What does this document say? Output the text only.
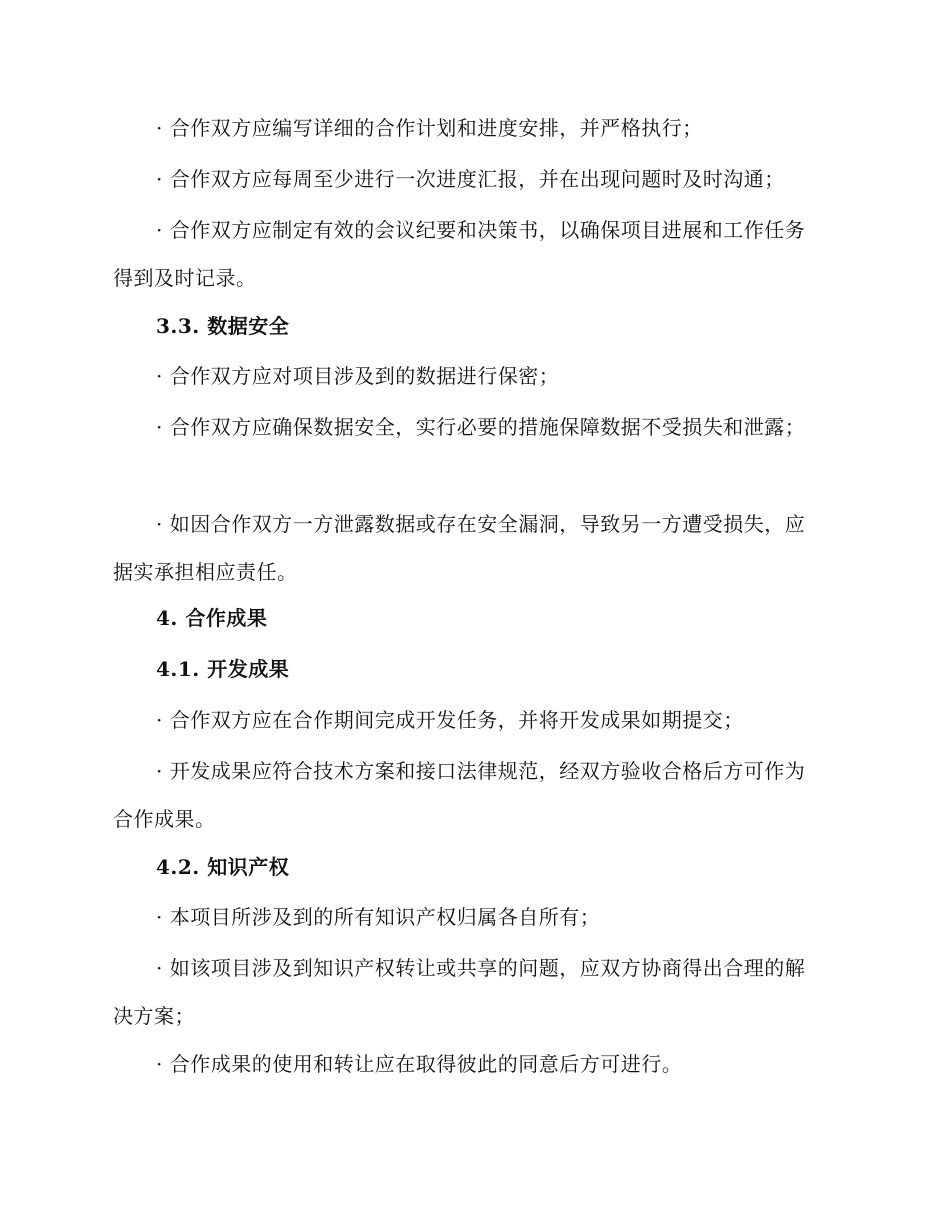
· 合作双方应编写详细的合作计划和进度安排，并严格执行；
· 合作双方应每周至少进行一次进度汇报，并在出现问题时及时沟通；
· 合作双方应制定有效的会议纪要和决策书，以确保项目进展和工作任务得到及时记录。
3.3. 数据安全
· 合作双方应对项目涉及到的数据进行保密；
· 合作双方应确保数据安全，实行必要的措施保障数据不受损失和泄露；
· 如因合作双方一方泄露数据或存在安全漏洞，导致另一方遭受损失，应据实承担相应责任。
4. 合作成果
4.1. 开发成果
· 合作双方应在合作期间完成开发任务，并将开发成果如期提交；
· 开发成果应符合技术方案和接口法律规范，经双方验收合格后方可作为合作成果。
4.2. 知识产权
· 本项目所涉及到的所有知识产权归属各自所有；
· 如该项目涉及到知识产权转让或共享的问题，应双方协商得出合理的解决方案；
· 合作成果的使用和转让应在取得彼此的同意后方可进行。
